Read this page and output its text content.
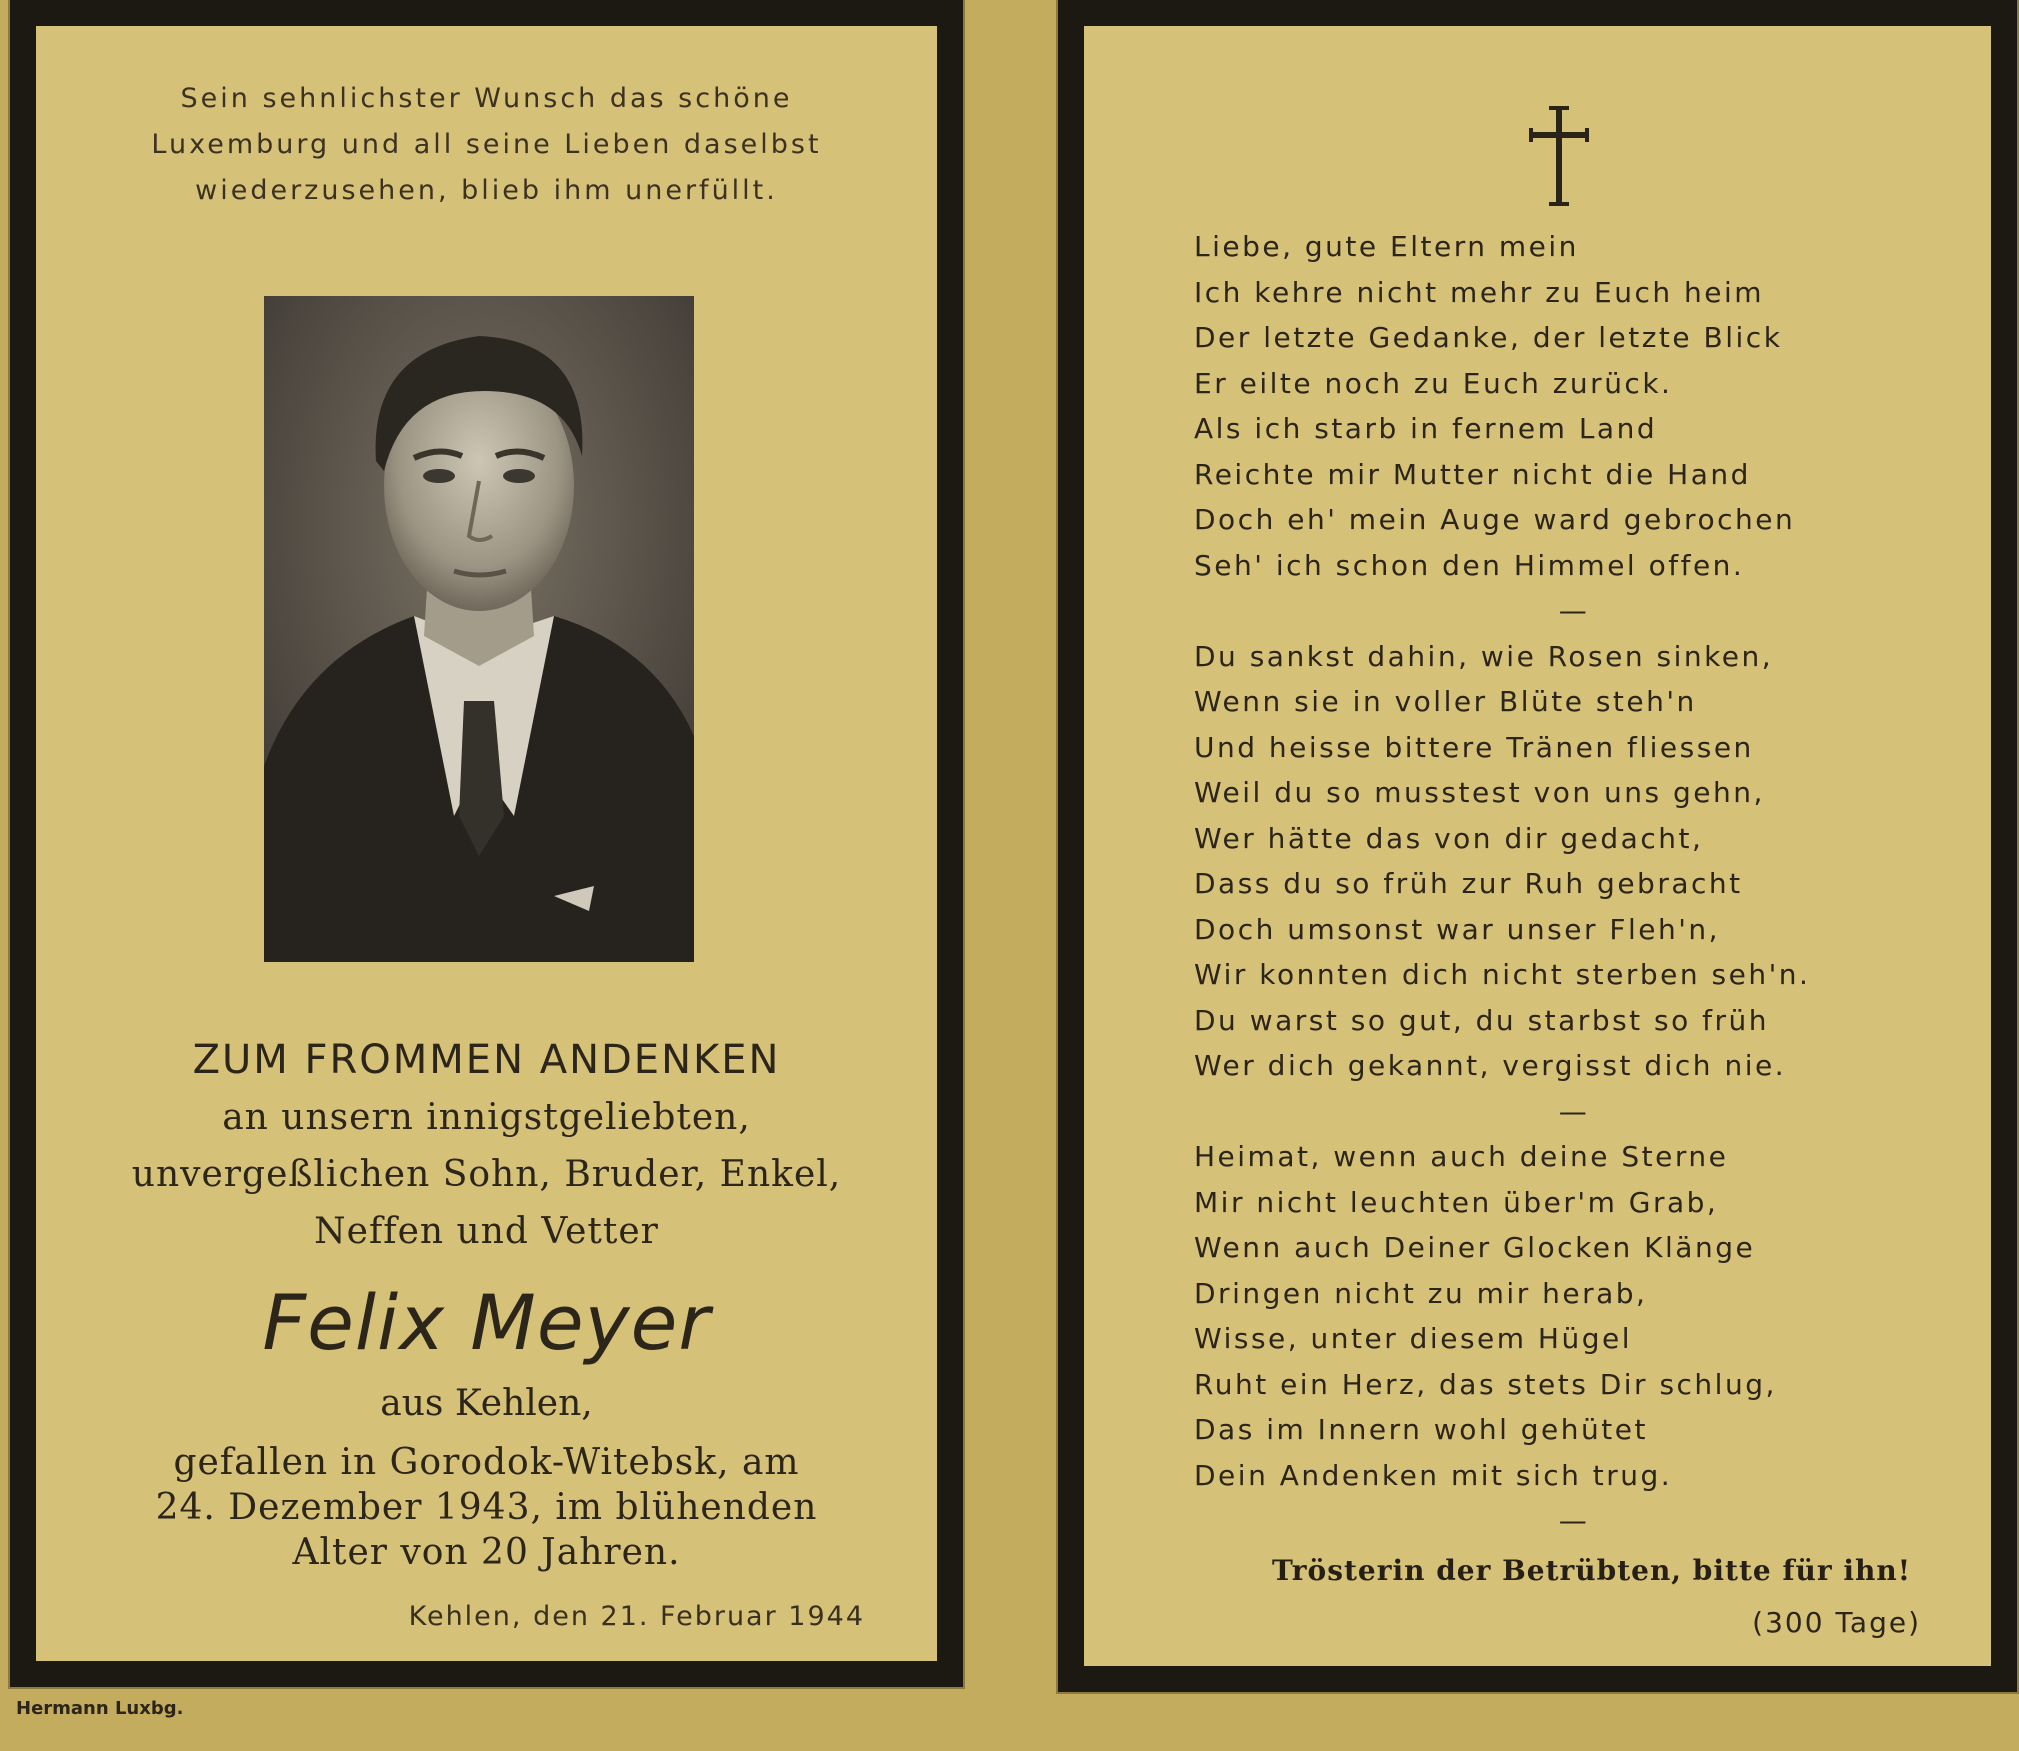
Sein sehnlichster Wunsch das schöne
Luxemburg und all seine Lieben daselbst
wiederzusehen, blieb ihm unerfüllt.
ZUM FROMMEN ANDENKEN
an unsern innigstgeliebten,
unvergeßlichen Sohn, Bruder, Enkel,
Neffen und Vetter
Felix Meyer
aus Kehlen,
gefallen in Gorodok-Witebsk, am
24. Dezember 1943, im blühenden
Alter von 20 Jahren.
Kehlen, den 21. Februar 1944
Hermann Luxbg.
Liebe, gute Eltern mein
Ich kehre nicht mehr zu Euch heim
Der letzte Gedanke, der letzte Blick
Er eilte noch zu Euch zurück.
Als ich starb in fernem Land
Reichte mir Mutter nicht die Hand
Doch eh' mein Auge ward gebrochen
Seh' ich schon den Himmel offen.
—
Du sankst dahin, wie Rosen sinken,
Wenn sie in voller Blüte steh'n
Und heisse bittere Tränen fliessen
Weil du so musstest von uns gehn,
Wer hätte das von dir gedacht,
Dass du so früh zur Ruh gebracht
Doch umsonst war unser Fleh'n,
Wir konnten dich nicht sterben seh'n.
Du warst so gut, du starbst so früh
Wer dich gekannt, vergisst dich nie.
—
Heimat, wenn auch deine Sterne
Mir nicht leuchten über'm Grab,
Wenn auch Deiner Glocken Klänge
Dringen nicht zu mir herab,
Wisse, unter diesem Hügel
Ruht ein Herz, das stets Dir schlug,
Das im Innern wohl gehütet
Dein Andenken mit sich trug.
—
Trösterin der Betrübten, bitte für ihn!
(300 Tage)
